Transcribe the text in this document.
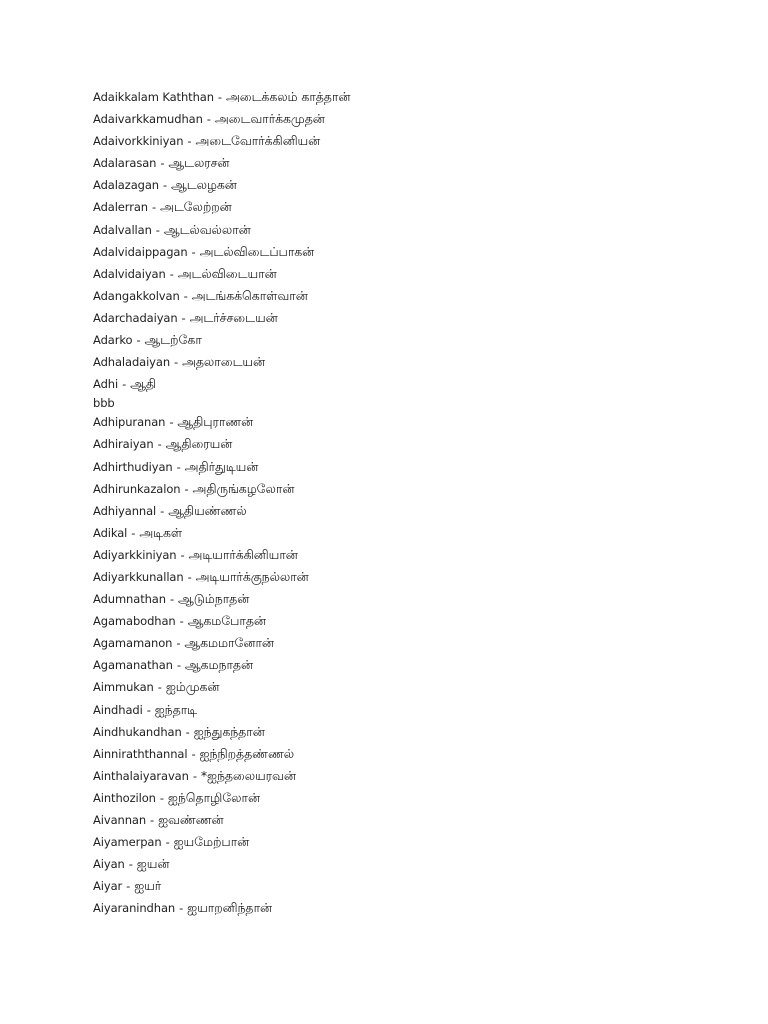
Adaikkalam Kaththan - அடைக்கலம் காத்தான்
Adaivarkkamudhan - அடைவார்க்கமுதன்
Adaivorkkiniyan - அடைவோர்க்கினியன்
Adalarasan - ஆடலரசன்
Adalazagan - ஆடலழகன்
Adalerran - அடலேற்றன்
Adalvallan - ஆடல்வல்லான்
Adalvidaippagan - அடல்விடைப்பாகன்
Adalvidaiyan - அடல்விடையான்
Adangakkolvan - அடங்கக்கொள்வான்
Adarchadaiyan - அடர்ச்சடையன்
Adarko - ஆடற்கோ
Adhaladaiyan - அதலாடையன்
Adhi - ஆதி
bbb
Adhipuranan - ஆதிபுராணன்
Adhiraiyan - ஆதிரையன்
Adhirthudiyan - அதிர்துடியன்
Adhirunkazalon - அதிருங்கழலோன்
Adhiyannal - ஆதியண்ணல்
Adikal - அடிகள்
Adiyarkkiniyan - அடியார்க்கினியான்
Adiyarkkunallan - அடியார்க்குநல்லான்
Adumnathan - ஆடும்நாதன்
Agamabodhan - ஆகமபோதன்
Agamamanon - ஆகமமானோன்
Agamanathan - ஆகமநாதன்
Aimmukan - ஐம்முகன்
Aindhadi - ஐந்தாடி
Aindhukandhan - ஐந்துகந்தான்
Ainniraththannal - ஐந்நிறத்தண்ணல்
Ainthalaiyaravan - *ஐந்தலையரவன்
Ainthozilon - ஐந்தொழிலோன்
Aivannan - ஐவண்ணன்
Aiyamerpan - ஐயமேற்பான்
Aiyan - ஐயன்
Aiyar - ஐயர்
Aiyaranindhan - ஐயாறனிந்தான்
